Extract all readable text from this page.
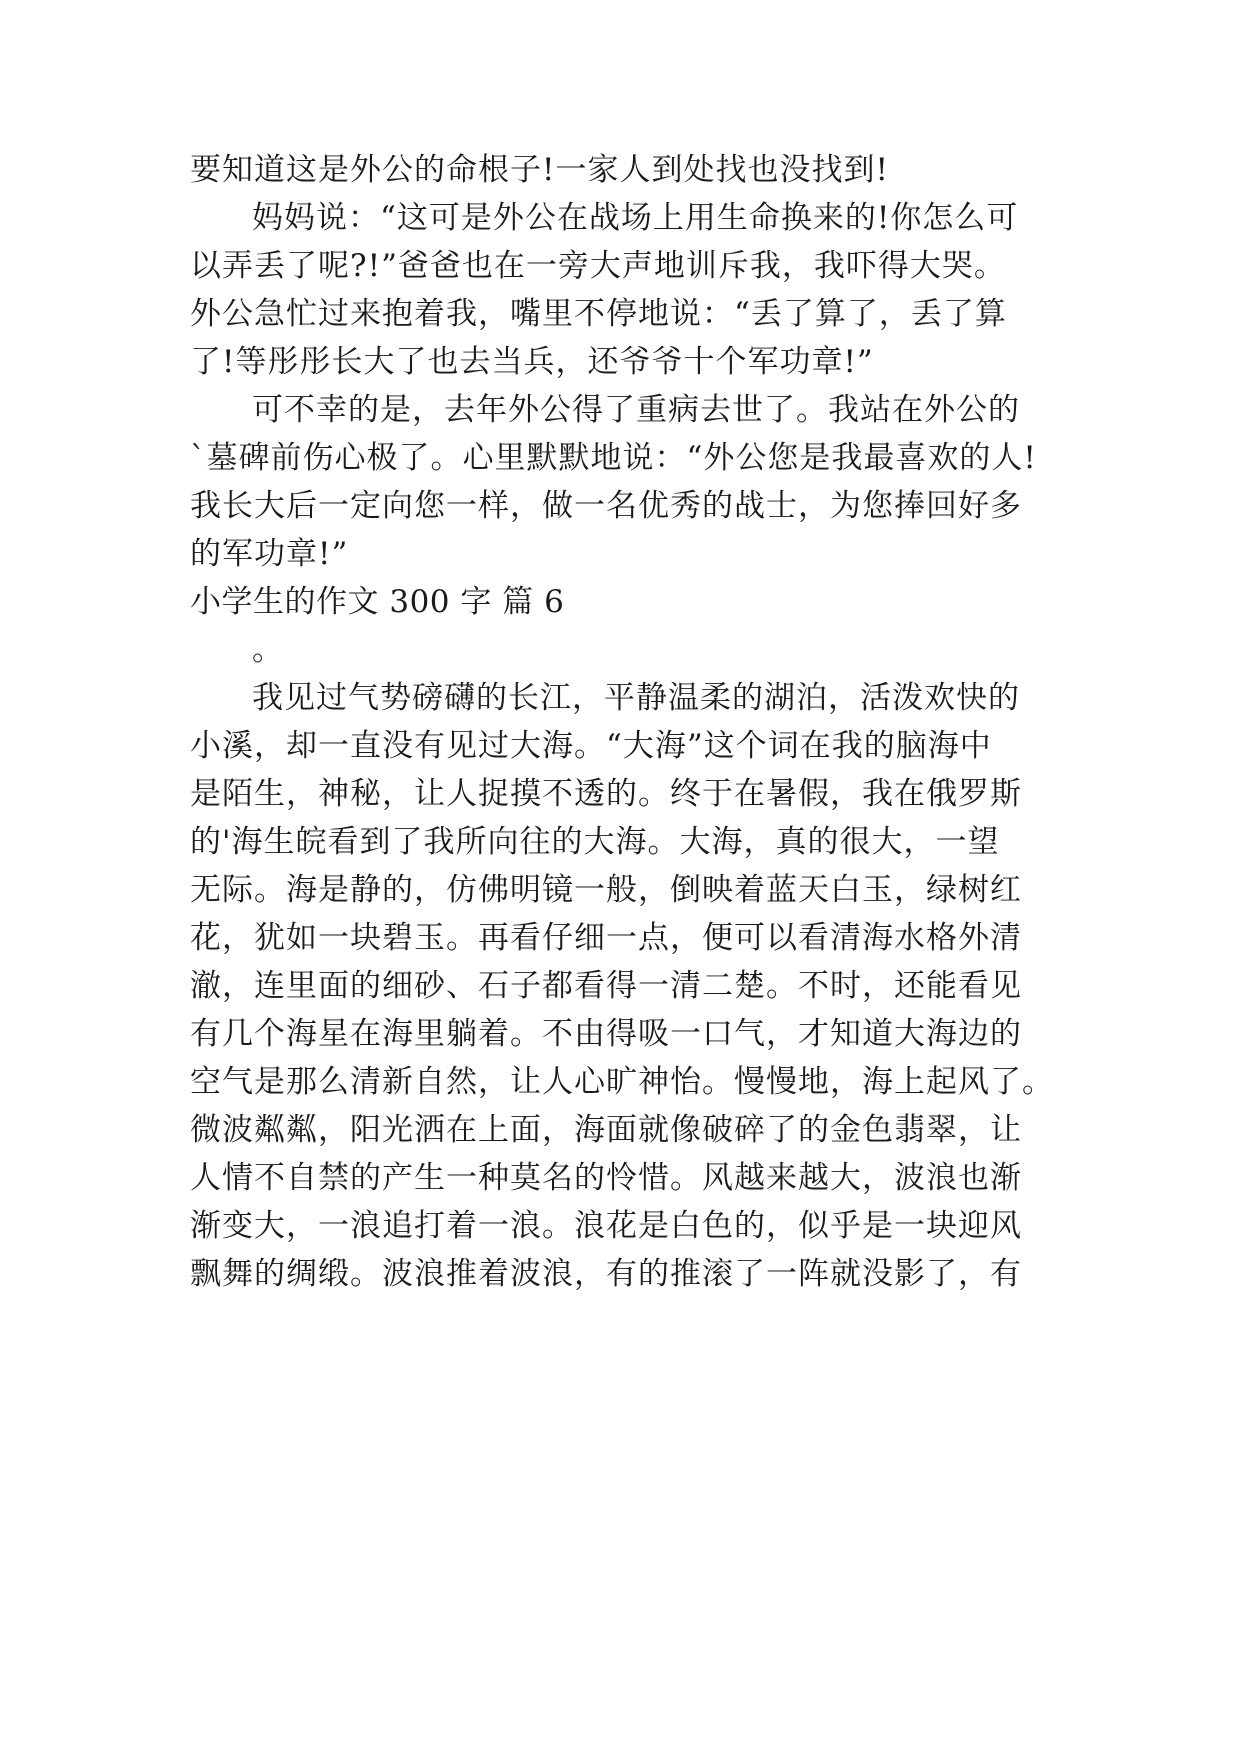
要知道这是外公的命根子!一家人到处找也没找到!
妈妈说：“这可是外公在战场上用生命换来的!你怎么可
以弄丢了呢?!”爸爸也在一旁大声地训斥我，我吓得大哭。
外公急忙过来抱着我，嘴里不停地说：“丢了算了，丢了算
了!等彤彤长大了也去当兵，还爷爷十个军功章!”
可不幸的是，去年外公得了重病去世了。我站在外公的
`墓碑前伤心极了。心里默默地说：“外公您是我最喜欢的人!
我长大后一定向您一样，做一名优秀的战士，为您捧回好多
的军功章!”
小学生的作文 300 字 篇 6
。
我见过气势磅礴的长江，平静温柔的湖泊，活泼欢快的
小溪，却一直没有见过大海。“大海”这个词在我的脑海中
是陌生，神秘，让人捉摸不透的。终于在暑假，我在俄罗斯
的'海生皖看到了我所向往的大海。大海，真的很大，一望
无际。海是静的，仿佛明镜一般，倒映着蓝天白玉，绿树红
花，犹如一块碧玉。再看仔细一点，便可以看清海水格外清
澈，连里面的细砂、石子都看得一清二楚。不时，还能看见
有几个海星在海里躺着。不由得吸一口气，才知道大海边的
空气是那么清新自然，让人心旷神怡。慢慢地，海上起风了。
微波粼粼，阳光洒在上面，海面就像破碎了的金色翡翠，让
人情不自禁的产生一种莫名的怜惜。风越来越大，波浪也渐
渐变大，一浪追打着一浪。浪花是白色的，似乎是一块迎风
飘舞的绸缎。波浪推着波浪，有的推滚了一阵就没影了，有
